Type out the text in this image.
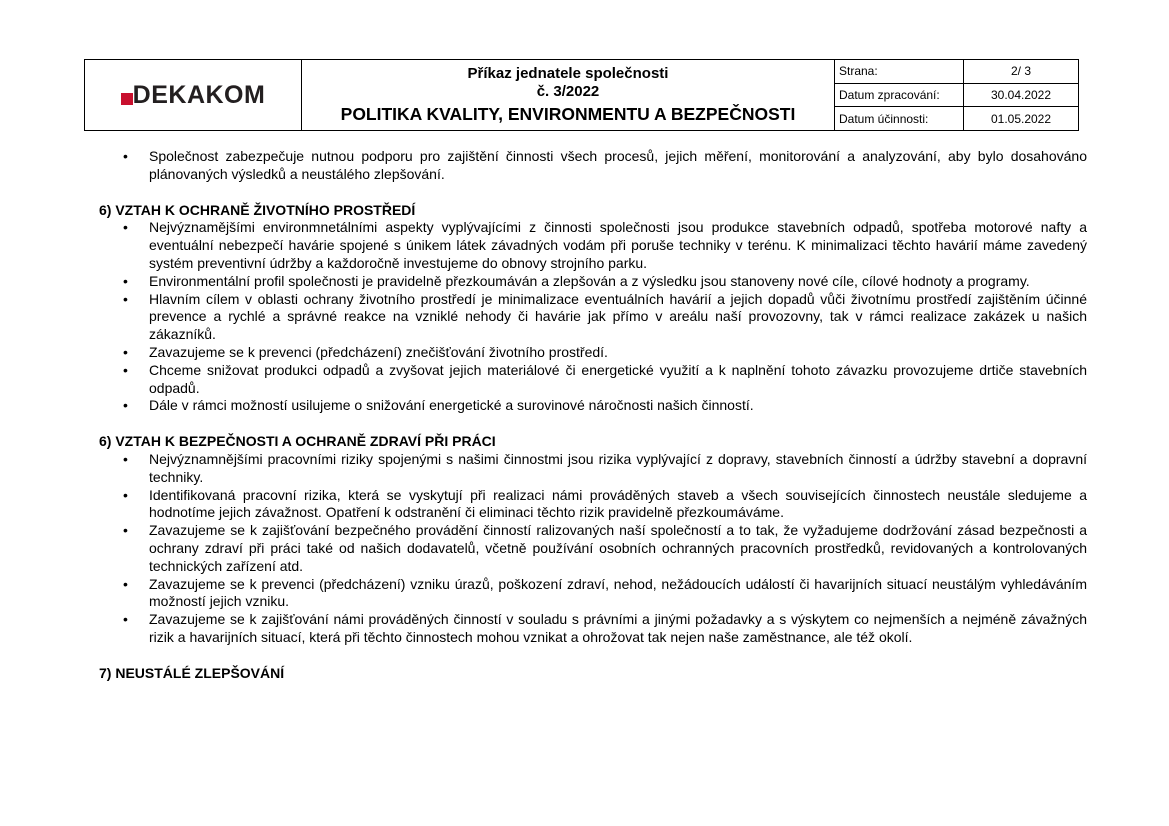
DEKAKOM
Příkaz jednatele společnosti
č. 3/2022
POLITIKA KVALITY, ENVIRONMENTU A BEZPEČNOSTI
Strana:	2/ 3
Datum zpracování:	30.04.2022
Datum účinnosti:	01.05.2022
• Společnost zabezpečuje nutnou podporu pro zajištění činnosti všech procesů, jejich měření, monitorování a analyzování, aby bylo dosahováno plánovaných výsledků a neustálého zlepšování.
6) VZTAH K OCHRANĚ ŽIVOTNÍHO PROSTŘEDÍ
• Nejvýznamějšími environmnetálními aspekty vyplývajícími z činnosti společnosti jsou produkce stavebních odpadů, spotřeba motorové nafty a eventuální nebezpečí havárie spojené s únikem látek závadných vodám při poruše techniky v terénu. K minimalizaci těchto havárií máme zavedený systém preventivní údržby a každoročně investujeme do obnovy strojního parku.
• Environmentální profil společnosti je pravidelně přezkoumáván a zlepšován a z výsledku jsou stanoveny nové cíle, cílové hodnoty a programy.
• Hlavním cílem v oblasti ochrany životního prostředí je minimalizace eventuálních havárií a jejich dopadů vůči životnímu prostředí zajištěním účinné prevence a rychlé a správné reakce na vzniklé nehody či havárie jak přímo v areálu naší provozovny, tak v rámci realizace zakázek u našich zákazníků.
• Zavazujeme se k prevenci (předcházení) znečišťování životního prostředí.
• Chceme snižovat produkci odpadů a zvyšovat jejich materiálové či energetické využití a k naplnění tohoto závazku provozujeme drtiče stavebních odpadů.
• Dále v rámci možností usilujeme o snižování energetické a surovinové náročnosti našich činností.
6) VZTAH K BEZPEČNOSTI A OCHRANĚ ZDRAVÍ PŘI PRÁCI
• Nejvýznamnějšími pracovními riziky spojenými s našimi činnostmi jsou rizika vyplývající z dopravy, stavebních činností a údržby stavební a dopravní techniky.
• Identifikovaná pracovní rizika, která se vyskytují při realizaci námi prováděných staveb a všech souvisejících činnostech neustále sledujeme a hodnotíme jejich závažnost. Opatření k odstranění či eliminaci těchto rizik pravidelně přezkoumáváme.
• Zavazujeme se k zajišťování bezpečného provádění činností ralizovaných naší společností a to tak, že vyžadujeme dodržování zásad bezpečnosti a ochrany zdraví při práci také od našich dodavatelů, včetně používání osobních ochranných pracovních prostředků, revidovaných a kontrolovaných technických zařízení atd.
• Zavazujeme se k prevenci (předcházení) vzniku úrazů, poškození zdraví, nehod, nežádoucích událostí či havarijních situací neustálým vyhledáváním možností jejich vzniku.
• Zavazujeme se k zajišťování námi prováděných činností v souladu s právními a jinými požadavky a s výskytem co nejmenších a nejméně závažných rizik a havarijních situací, která při těchto činnostech mohou vznikat a ohrožovat tak nejen naše zaměstnance, ale též okolí.
7) NEUSTÁLÉ ZLEPŠOVÁNÍ
